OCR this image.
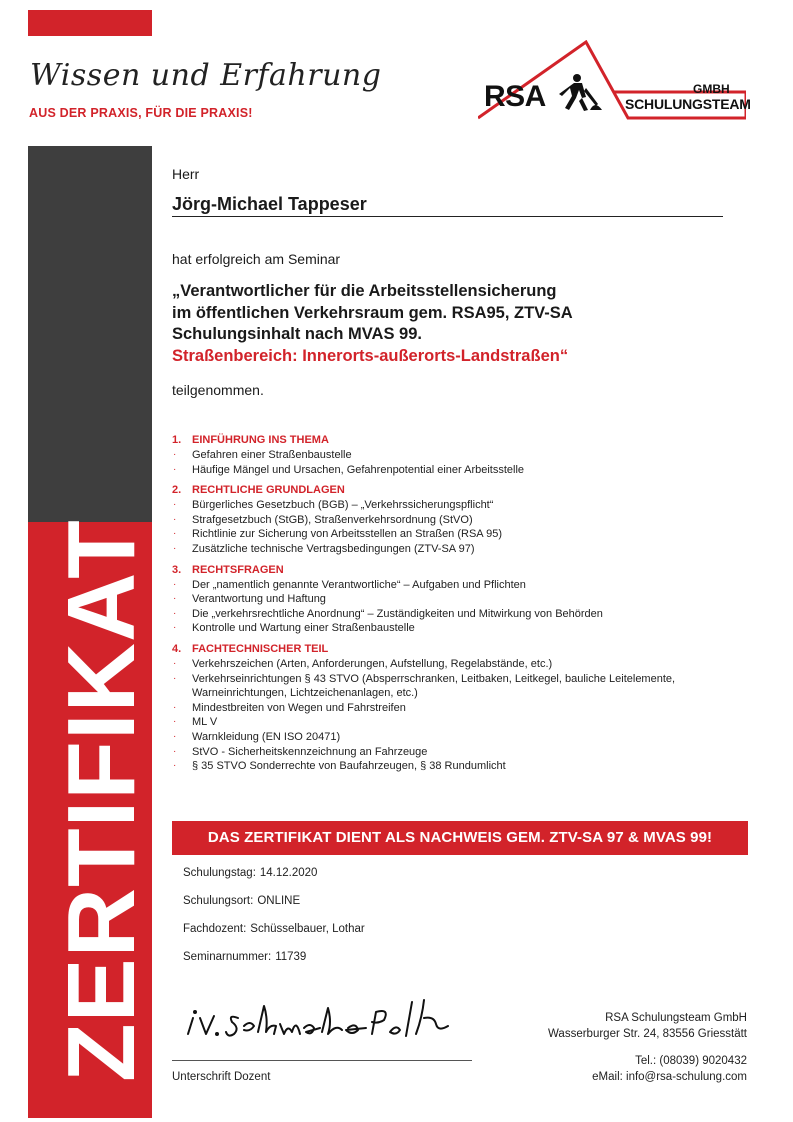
Wissen und Erfahrung
AUS DER PRAXIS, FÜR DIE PRAXIS!	RSA	GMBH
SCHULUNGSTEAM
ZERTIFIKAT
Herr
Jörg-Michael Tappeser
hat erfolgreich am Seminar
„Verantwortlicher für die Arbeitsstellensicherung
im öffentlichen Verkehrsraum gem. RSA95, ZTV-SA
Schulungsinhalt nach MVAS 99.
Straßenbereich: Innerorts-außerorts-Landstraßen“
teilgenommen.
1. EINFÜHRUNG INS THEMA
· Gefahren einer Straßenbaustelle
· Häufige Mängel und Ursachen, Gefahrenpotential einer Arbeitsstelle
2. RECHTLICHE GRUNDLAGEN
· Bürgerliches Gesetzbuch (BGB) – „Verkehrssicherungspflicht“
· Strafgesetzbuch (StGB), Straßenverkehrsordnung (StVO)
· Richtlinie zur Sicherung von Arbeitsstellen an Straßen (RSA 95)
· Zusätzliche technische Vertragsbedingungen (ZTV-SA 97)
3. RECHTSFRAGEN
· Der „namentlich genannte Verantwortliche“ – Aufgaben und Pflichten
· Verantwortung und Haftung
· Die „verkehrsrechtliche Anordnung“ – Zuständigkeiten und Mitwirkung von Behörden
· Kontrolle und Wartung einer Straßenbaustelle
4. FACHTECHNISCHER TEIL
· Verkehrszeichen (Arten, Anforderungen, Aufstellung, Regelabstände, etc.)
· Verkehrseinrichtungen § 43 STVO (Absperrschranken, Leitbaken, Leitkegel, bauliche Leitelemente, Warneinrichtungen, Lichtzeichenanlagen, etc.)
· Mindestbreiten von Wegen und Fahrstreifen
· ML V
· Warnkleidung (EN ISO 20471)
· StVO - Sicherheitskennzeichnung an Fahrzeuge
· § 35 STVO Sonderrechte von Baufahrzeugen, § 38 Rundumlicht
DAS ZERTIFIKAT DIENT ALS NACHWEIS GEM. ZTV-SA 97 & MVAS 99!
Schulungstag: 14.12.2020
Schulungsort: ONLINE
Fachdozent: Schüsselbauer, Lothar
Seminarnummer: 11739
Unterschrift Dozent
RSA Schulungsteam GmbH
Wasserburger Str. 24, 83556 Griesstätt
Tel.: (08039) 9020432
eMail: info@rsa-schulung.com
